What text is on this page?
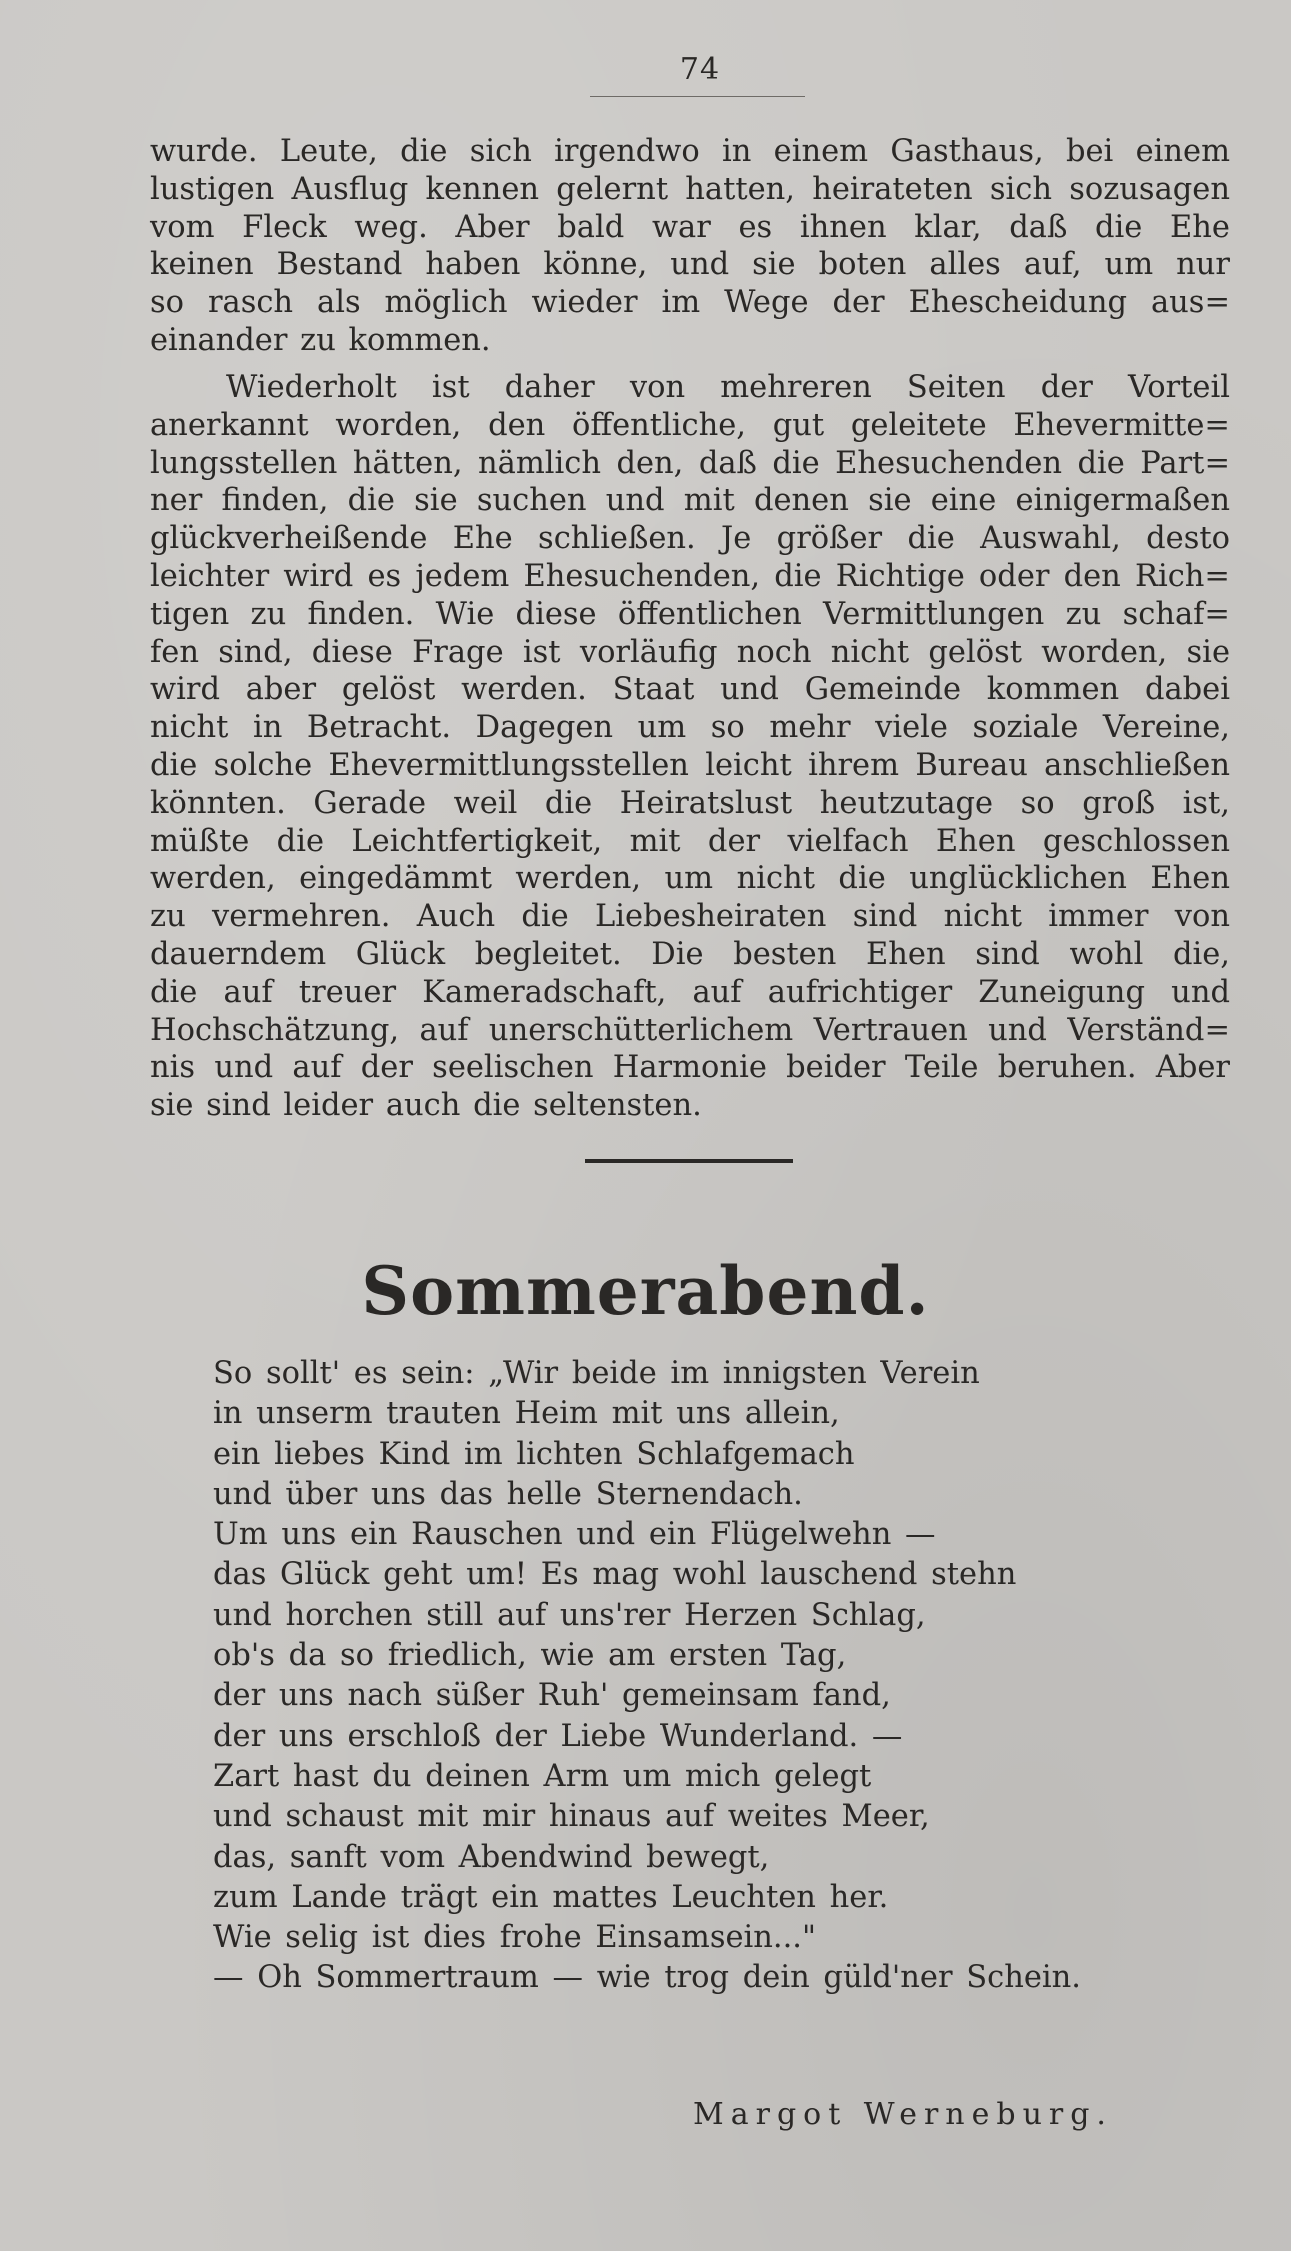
74
wurde. Leute, die sich irgendwo in einem Gasthaus, bei einem
lustigen Ausflug kennen gelernt hatten, heirateten sich sozusagen
vom Fleck weg. Aber bald war es ihnen klar, daß die Ehe
keinen Bestand haben könne, und sie boten alles auf, um nur
so rasch als möglich wieder im Wege der Ehescheidung aus=
einander zu kommen.
Wiederholt ist daher von mehreren Seiten der Vorteil
anerkannt worden, den öffentliche, gut geleitete Ehevermitte=
lungsstellen hätten, nämlich den, daß die Ehesuchenden die Part=
ner finden, die sie suchen und mit denen sie eine einigermaßen
glückverheißende Ehe schließen. Je größer die Auswahl, desto
leichter wird es jedem Ehesuchenden, die Richtige oder den Rich=
tigen zu finden. Wie diese öffentlichen Vermittlungen zu schaf=
fen sind, diese Frage ist vorläufig noch nicht gelöst worden, sie
wird aber gelöst werden. Staat und Gemeinde kommen dabei
nicht in Betracht. Dagegen um so mehr viele soziale Vereine,
die solche Ehevermittlungsstellen leicht ihrem Bureau anschließen
könnten. Gerade weil die Heiratslust heutzutage so groß ist,
müßte die Leichtfertigkeit, mit der vielfach Ehen geschlossen
werden, eingedämmt werden, um nicht die unglücklichen Ehen
zu vermehren. Auch die Liebesheiraten sind nicht immer von
dauerndem Glück begleitet. Die besten Ehen sind wohl die,
die auf treuer Kameradschaft, auf aufrichtiger Zuneigung und
Hochschätzung, auf unerschütterlichem Vertrauen und Verständ=
nis und auf der seelischen Harmonie beider Teile beruhen. Aber
sie sind leider auch die seltensten.
Sommerabend.
So sollt' es sein: „Wir beide im innigsten Verein
in unserm trauten Heim mit uns allein,
ein liebes Kind im lichten Schlafgemach
und über uns das helle Sternendach.
Um uns ein Rauschen und ein Flügelwehn —
das Glück geht um! Es mag wohl lauschend stehn
und horchen still auf uns'rer Herzen Schlag,
ob's da so friedlich, wie am ersten Tag,
der uns nach süßer Ruh' gemeinsam fand,
der uns erschloß der Liebe Wunderland. —
Zart hast du deinen Arm um mich gelegt
und schaust mit mir hinaus auf weites Meer,
das, sanft vom Abendwind bewegt,
zum Lande trägt ein mattes Leuchten her.
Wie selig ist dies frohe Einsamsein..."
— Oh Sommertraum — wie trog dein güld'ner Schein.
Margot Werneburg.
